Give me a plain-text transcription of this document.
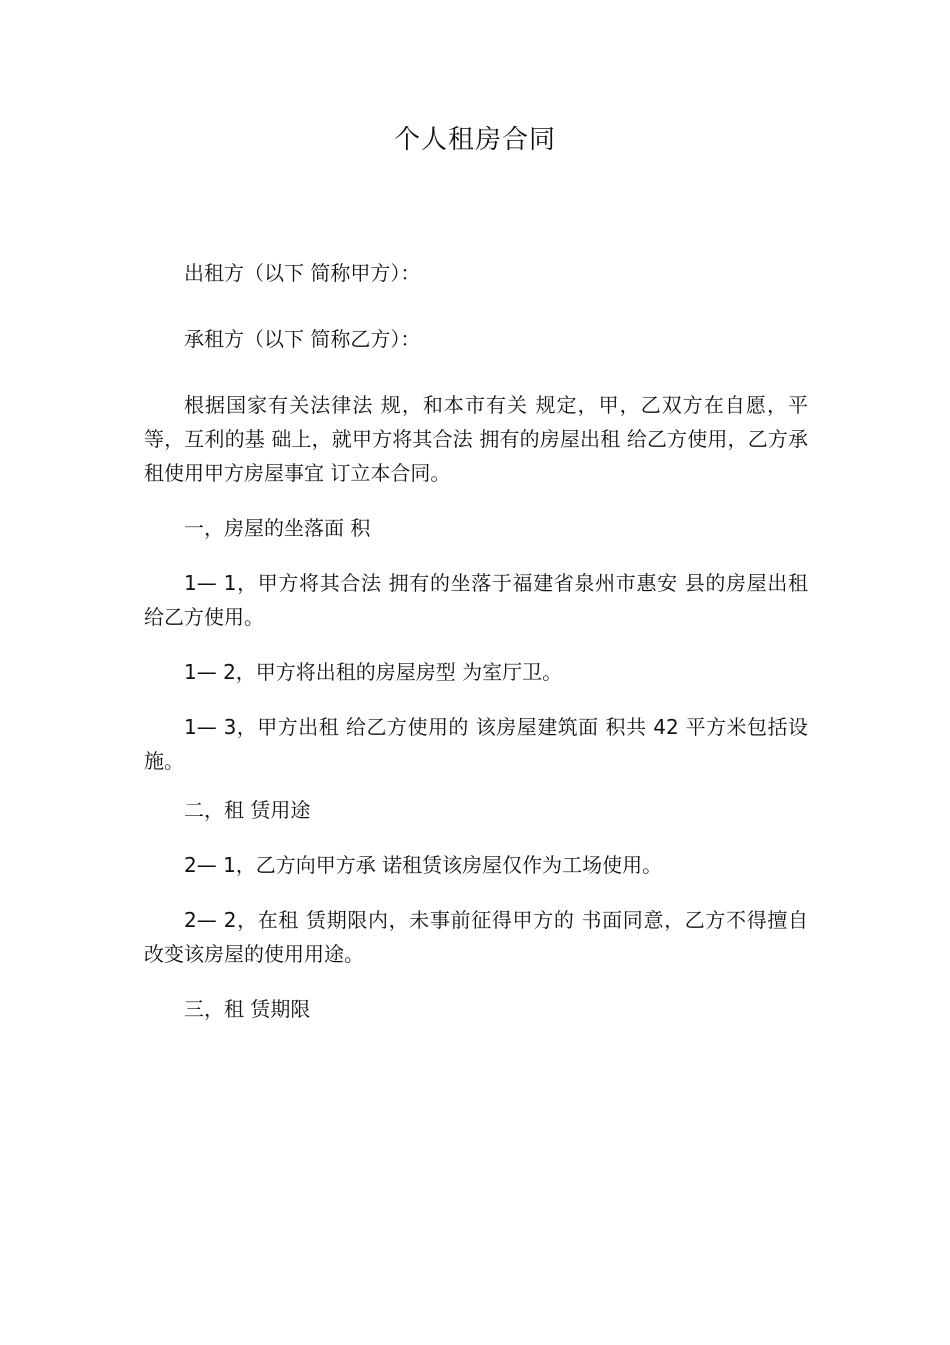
个人租房合同

出租方（以下 简称甲方）：

承租方（以下 简称乙方）：

根据国家有关法律法 规，和本市有关 规定，甲，乙双方在自愿，平等，互利的基 础上，就甲方将其合法 拥有的房屋出租 给乙方使用，乙方承租使用甲方房屋事宜 订立本合同。

一，房屋的坐落面 积

1— 1，甲方将其合法 拥有的坐落于福建省泉州市惠安 县的房屋出租给乙方使用。

1— 2，甲方将出租的房屋房型 为室厅卫。

1— 3，甲方出租 给乙方使用的 该房屋建筑面 积共 42 平方米包括设施。

二，租 赁用途

2— 1，乙方向甲方承 诺租赁该房屋仅作为工场使用。

2— 2，在租 赁期限内，未事前征得甲方的 书面同意，乙方不得擅自改变该房屋的使用用途。

三，租 赁期限
